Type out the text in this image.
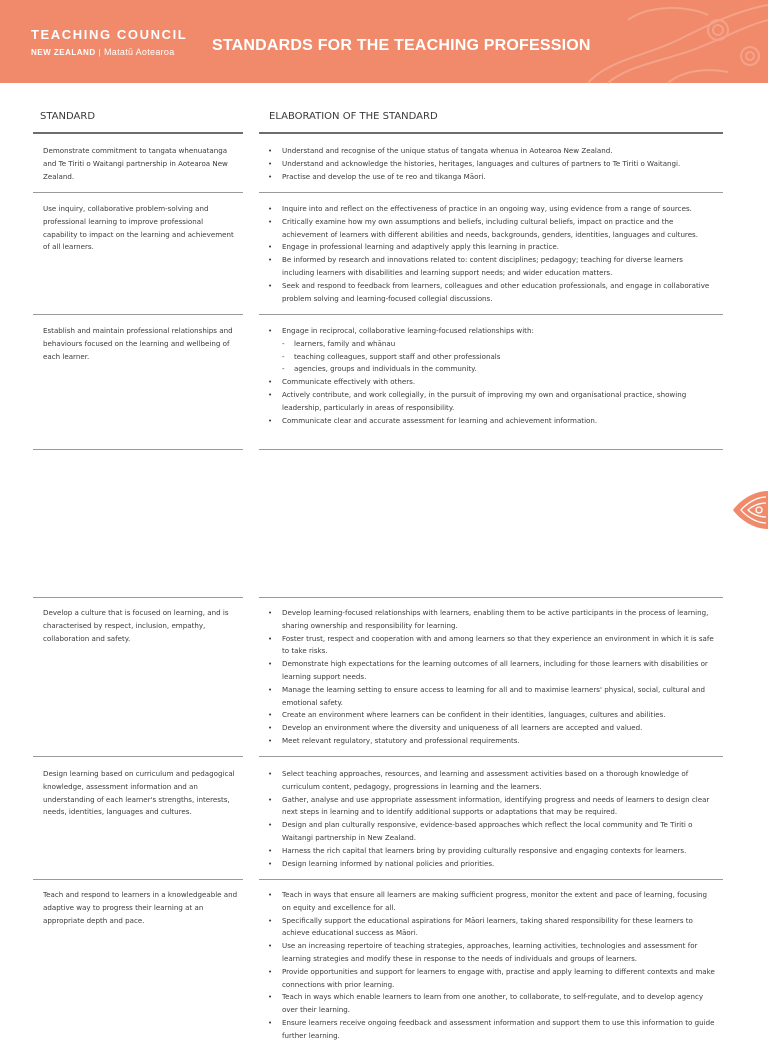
TEACHING COUNCIL
NEW ZEALAND | Matatū Aotearoa	STANDARDS FOR THE TEACHING PROFESSION
STANDARD	ELABORATION OF THE STANDARD
Demonstrate commitment to tangata whenuatanga and Te Tiriti o Waitangi partnership in Aotearoa New Zealand.
• Understand and recognise of the unique status of tangata whenua in Aotearoa New Zealand.
• Understand and acknowledge the histories, heritages, languages and cultures of partners to Te Tiriti o Waitangi.
• Practise and develop the use of te reo and tikanga Māori.
Use inquiry, collaborative problem-solving and professional learning to improve professional capability to impact on the learning and achievement of all learners.
• Inquire into and reflect on the effectiveness of practice in an ongoing way, using evidence from a range of sources.
• Critically examine how my own assumptions and beliefs, including cultural beliefs, impact on practice and the achievement of learners with different abilities and needs, backgrounds, genders, identities, languages and cultures.
• Engage in professional learning and adaptively apply this learning in practice.
• Be informed by research and innovations related to: content disciplines; pedagogy; teaching for diverse learners including learners with disabilities and learning support needs; and wider education matters.
• Seek and respond to feedback from learners, colleagues and other education professionals, and engage in collaborative problem solving and learning-focused collegial discussions.
Establish and maintain professional relationships and behaviours focused on the learning and wellbeing of each learner.
• Engage in reciprocal, collaborative learning-focused relationships with:
- learners, family and whānau
- teaching colleagues, support staff and other professionals
- agencies, groups and individuals in the community.
• Communicate effectively with others.
• Actively contribute, and work collegially, in the pursuit of improving my own and organisational practice, showing leadership, particularly in areas of responsibility.
• Communicate clear and accurate assessment for learning and achievement information.
Develop a culture that is focused on learning, and is characterised by respect, inclusion, empathy, collaboration and safety.
• Develop learning-focused relationships with learners, enabling them to be active participants in the process of learning, sharing ownership and responsibility for learning.
• Foster trust, respect and cooperation with and among learners so that they experience an environment in which it is safe to take risks.
• Demonstrate high expectations for the learning outcomes of all learners, including for those learners with disabilities or learning support needs.
• Manage the learning setting to ensure access to learning for all and to maximise learners' physical, social, cultural and emotional safety.
• Create an environment where learners can be confident in their identities, languages, cultures and abilities.
• Develop an environment where the diversity and uniqueness of all learners are accepted and valued.
• Meet relevant regulatory, statutory and professional requirements.
Design learning based on curriculum and pedagogical knowledge, assessment information and an understanding of each learner's strengths, interests, needs, identities, languages and cultures.
• Select teaching approaches, resources, and learning and assessment activities based on a thorough knowledge of curriculum content, pedagogy, progressions in learning and the learners.
• Gather, analyse and use appropriate assessment information, identifying progress and needs of learners to design clear next steps in learning and to identify additional supports or adaptations that may be required.
• Design and plan culturally responsive, evidence-based approaches which reflect the local community and Te Tiriti o Waitangi partnership in New Zealand.
• Harness the rich capital that learners bring by providing culturally responsive and engaging contexts for learners.
• Design learning informed by national policies and priorities.
Teach and respond to learners in a knowledgeable and adaptive way to progress their learning at an appropriate depth and pace.
• Teach in ways that ensure all learners are making sufficient progress, monitor the extent and pace of learning, focusing on equity and excellence for all.
• Specifically support the educational aspirations for Māori learners, taking shared responsibility for these learners to achieve educational success as Māori.
• Use an increasing repertoire of teaching strategies, approaches, learning activities, technologies and assessment for learning strategies and modify these in response to the needs of individuals and groups of learners.
• Provide opportunities and support for learners to engage with, practise and apply learning to different contexts and make connections with prior learning.
• Teach in ways which enable learners to learn from one another, to collaborate, to self-regulate, and to develop agency over their learning.
• Ensure learners receive ongoing feedback and assessment information and support them to use this information to guide further learning.
